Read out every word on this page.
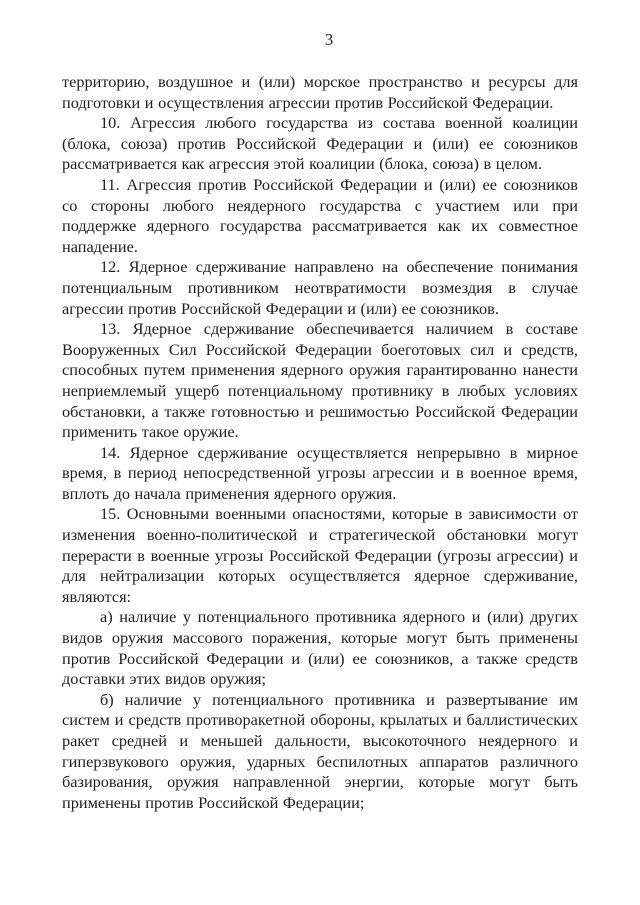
3

территорию, воздушное и (или) морское пространство и ресурсы для подготовки и осуществления агрессии против Российской Федерации.

10. Агрессия любого государства из состава военной коалиции (блока, союза) против Российской Федерации и (или) ее союзников рассматривается как агрессия этой коалиции (блока, союза) в целом.

11. Агрессия против Российской Федерации и (или) ее союзников со стороны любого неядерного государства с участием или при поддержке ядерного государства рассматривается как их совместное нападение.

12. Ядерное сдерживание направлено на обеспечение понимания потенциальным противником неотвратимости возмездия в случае агрессии против Российской Федерации и (или) ее союзников.

13. Ядерное сдерживание обеспечивается наличием в составе Вооруженных Сил Российской Федерации боеготовых сил и средств, способных путем применения ядерного оружия гарантированно нанести неприемлемый ущерб потенциальному противнику в любых условиях обстановки, а также готовностью и решимостью Российской Федерации применить такое оружие.

14. Ядерное сдерживание осуществляется непрерывно в мирное время, в период непосредственной угрозы агрессии и в военное время, вплоть до начала применения ядерного оружия.

15. Основными военными опасностями, которые в зависимости от изменения военно-политической и стратегической обстановки могут перерасти в военные угрозы Российской Федерации (угрозы агрессии) и для нейтрализации которых осуществляется ядерное сдерживание, являются:

а) наличие у потенциального противника ядерного и (или) других видов оружия массового поражения, которые могут быть применены против Российской Федерации и (или) ее союзников, а также средств доставки этих видов оружия;

б) наличие у потенциального противника и развертывание им систем и средств противоракетной обороны, крылатых и баллистических ракет средней и меньшей дальности, высокоточного неядерного и гиперзвукового оружия, ударных беспилотных аппаратов различного базирования, оружия направленной энергии, которые могут быть применены против Российской Федерации;
